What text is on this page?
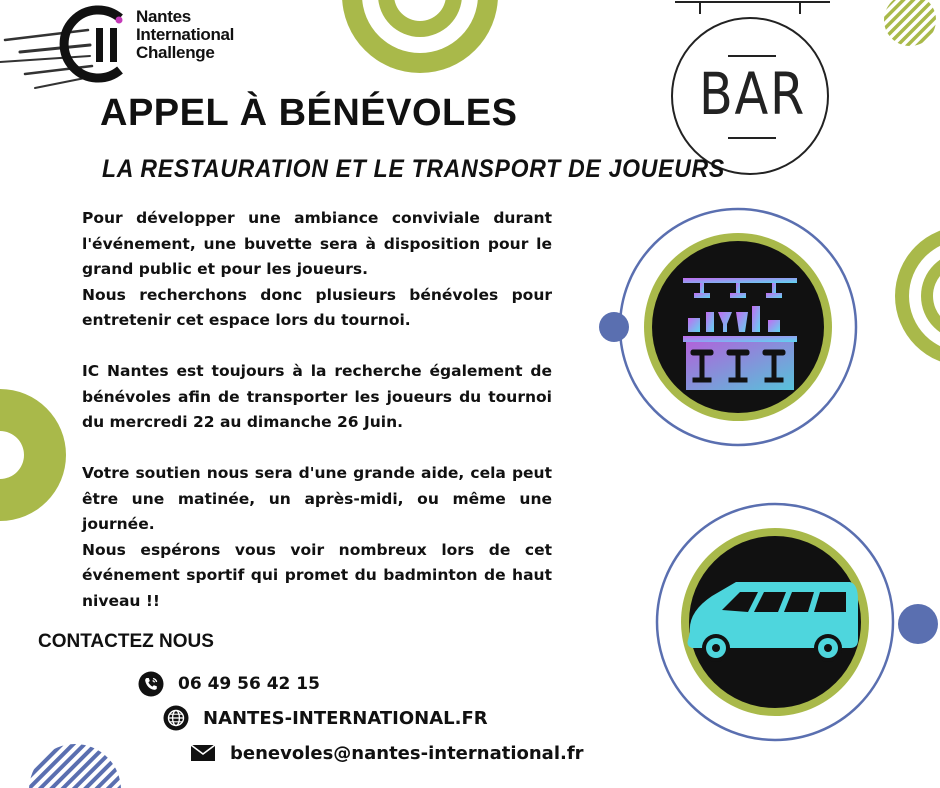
BAR
Nantes
International
Challenge
APPEL À BÉNÉVOLES
LA RESTAURATION ET LE TRANSPORT DE JOUEURS

Pour développer une ambiance conviviale durant l'événement, une buvette sera à disposition pour le grand public et pour les joueurs.

Nous recherchons donc plusieurs bénévoles pour entretenir cet espace lors du tournoi.

IC Nantes est toujours à la recherche également de bénévoles afin de transporter les joueurs du tournoi du mercredi 22 au dimanche 26 Juin.

Votre soutien nous sera d'une grande aide, cela peut être une matinée, un après-midi, ou même une journée.

Nous espérons vous voir nombreux lors de cet événement sportif qui promet du badminton de haut niveau !!

CONTACTEZ NOUS
06 49 56 42 15
NANTES-INTERNATIONAL.FR
benevoles@nantes-international.fr
